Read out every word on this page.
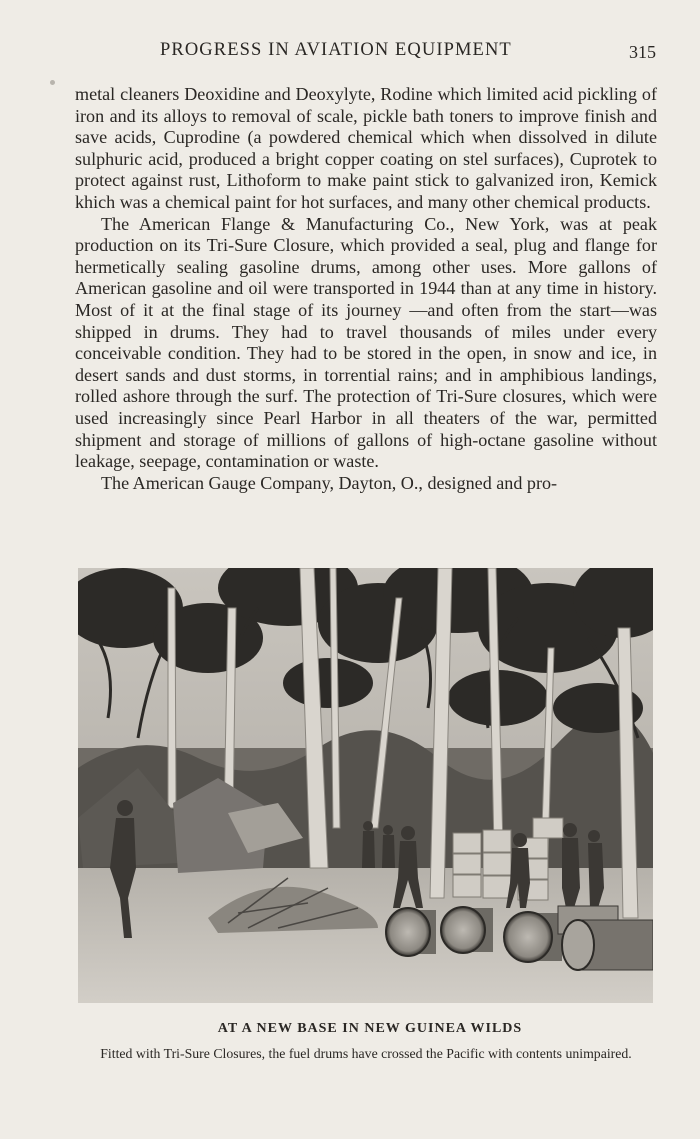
PROGRESS IN AVIATION EQUIPMENT	315

metal cleaners Deoxidine and Deoxylyte, Rodine which limited acid pickling of iron and its alloys to removal of scale, pickle bath toners to improve finish and save acids, Cuprodine (a powdered chemical which when dissolved in dilute sulphuric acid, produced a bright copper coating on stel surfaces), Cuprotek to protect against rust, Lithoform to make paint stick to galvanized iron, Kemick khich was a chemical paint for hot surfaces, and many other chemical products.

The American Flange & Manufacturing Co., New York, was at peak production on its Tri-Sure Closure, which provided a seal, plug and flange for hermetically sealing gasoline drums, among other uses. More gallons of American gasoline and oil were transported in 1944 than at any time in history. Most of it at the final stage of its journey —and often from the start—was shipped in drums. They had to travel thousands of miles under every conceivable condition. They had to be stored in the open, in snow and ice, in desert sands and dust storms, in torrential rains; and in amphibious landings, rolled ashore through the surf. The protection of Tri-Sure closures, which were used increasingly since Pearl Harbor in all theaters of the war, permitted shipment and storage of millions of gallons of high-octane gasoline without leakage, seepage, contamination or waste.

The American Gauge Company, Dayton, O., designed and pro-

AT A NEW BASE IN NEW GUINEA WILDS
Fitted with Tri-Sure Closures, the fuel drums have crossed the Pacific with contents unimpaired.
